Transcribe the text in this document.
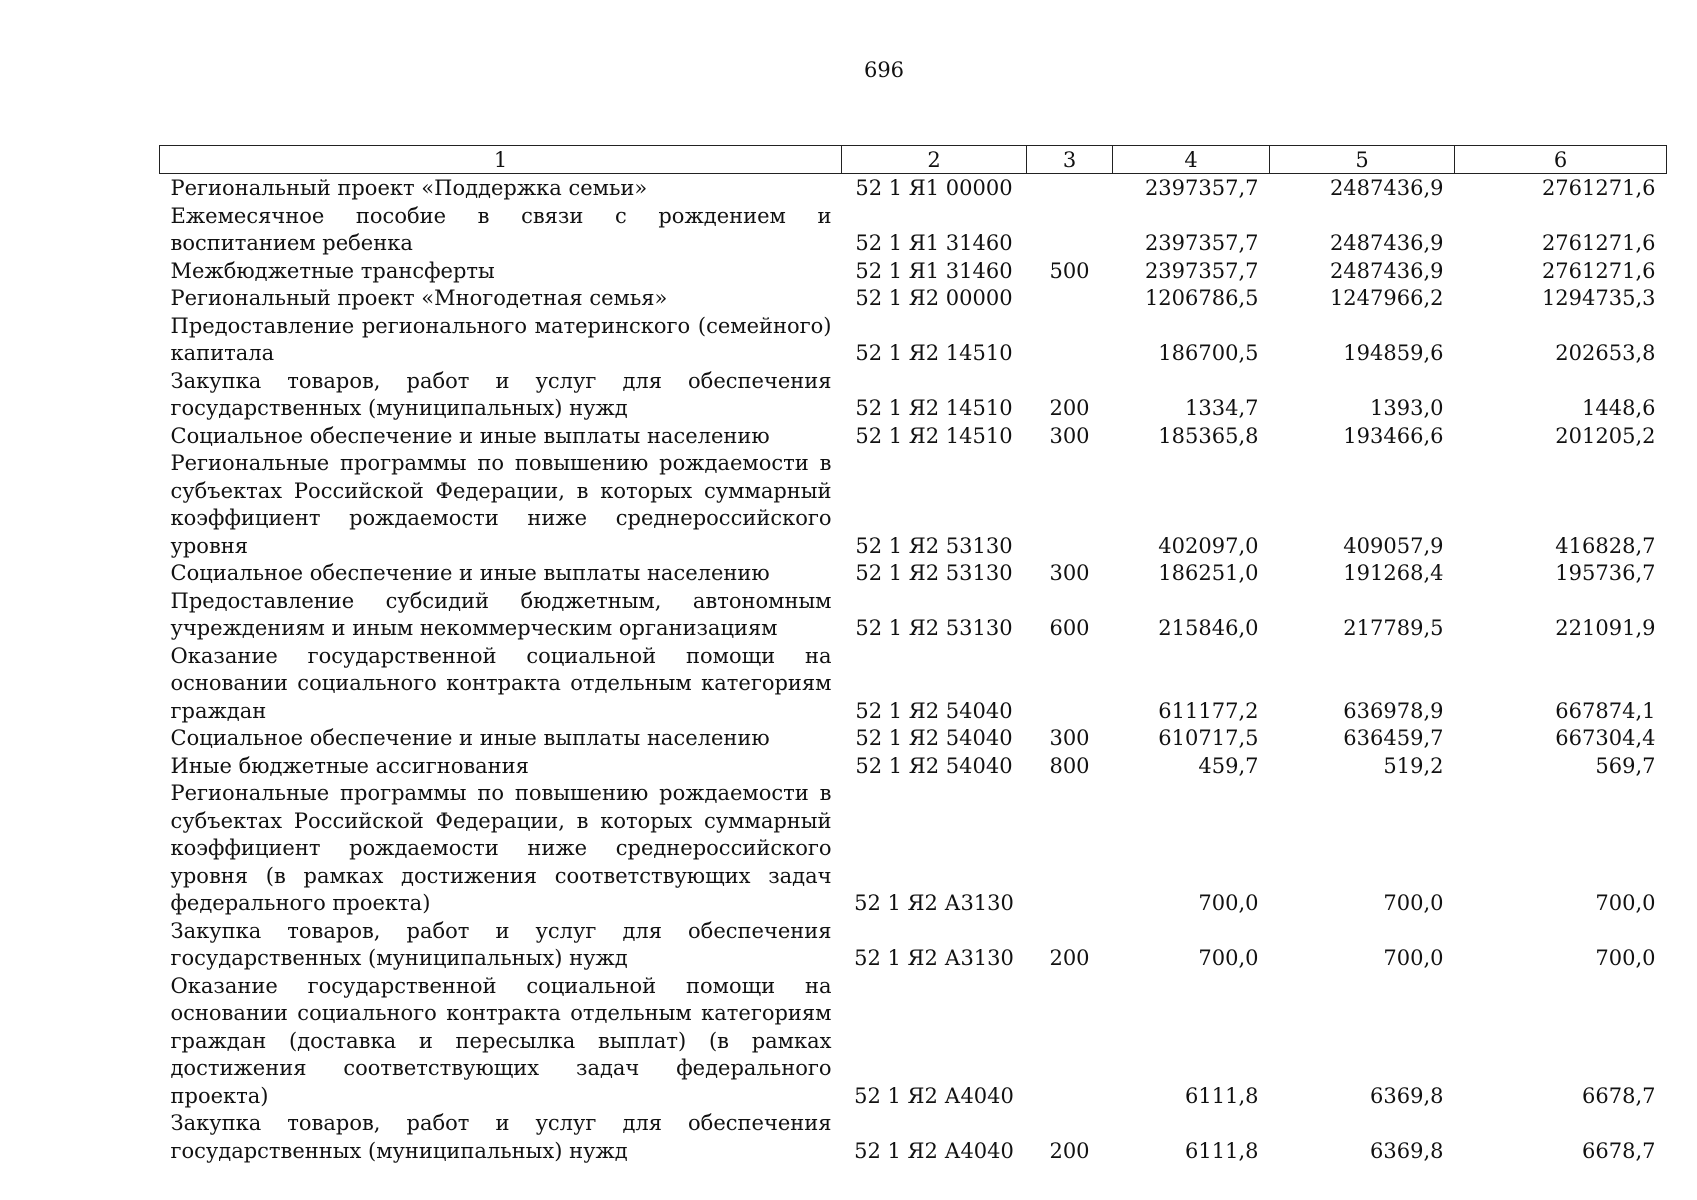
696
1	2	3	4	5	6
Региональный проект «Поддержка семьи»	52 1 Я1 00000		2397357,7	2487436,9	2761271,6
Ежемесячное пособие в связи с рождением и воспитанием ребенка	52 1 Я1 31460		2397357,7	2487436,9	2761271,6
Межбюджетные трансферты	52 1 Я1 31460	500	2397357,7	2487436,9	2761271,6
Региональный проект «Многодетная семья»	52 1 Я2 00000		1206786,5	1247966,2	1294735,3
Предоставление регионального материнского (семейного) капитала	52 1 Я2 14510		186700,5	194859,6	202653,8
Закупка товаров, работ и услуг для обеспечения государственных (муниципальных) нужд	52 1 Я2 14510	200	1334,7	1393,0	1448,6
Социальное обеспечение и иные выплаты населению	52 1 Я2 14510	300	185365,8	193466,6	201205,2
Региональные программы по повышению рождаемости в субъектах Российской Федерации, в которых суммарный коэффициент рождаемости ниже среднероссийского уровня	52 1 Я2 53130		402097,0	409057,9	416828,7
Социальное обеспечение и иные выплаты населению	52 1 Я2 53130	300	186251,0	191268,4	195736,7
Предоставление субсидий бюджетным, автономным учреждениям и иным некоммерческим организациям	52 1 Я2 53130	600	215846,0	217789,5	221091,9
Оказание государственной социальной помощи на основании социального контракта отдельным категориям граждан	52 1 Я2 54040		611177,2	636978,9	667874,1
Социальное обеспечение и иные выплаты населению	52 1 Я2 54040	300	610717,5	636459,7	667304,4
Иные бюджетные ассигнования	52 1 Я2 54040	800	459,7	519,2	569,7
Региональные программы по повышению рождаемости в субъектах Российской Федерации, в которых суммарный коэффициент рождаемости ниже среднероссийского уровня (в рамках достижения соответствующих задач федерального проекта)	52 1 Я2 А3130		700,0	700,0	700,0
Закупка товаров, работ и услуг для обеспечения государственных (муниципальных) нужд	52 1 Я2 А3130	200	700,0	700,0	700,0
Оказание государственной социальной помощи на основании социального контракта отдельным категориям граждан (доставка и пересылка выплат) (в рамках достижения соответствующих задач федерального проекта)	52 1 Я2 А4040		6111,8	6369,8	6678,7
Закупка товаров, работ и услуг для обеспечения государственных (муниципальных) нужд	52 1 Я2 А4040	200	6111,8	6369,8	6678,7
